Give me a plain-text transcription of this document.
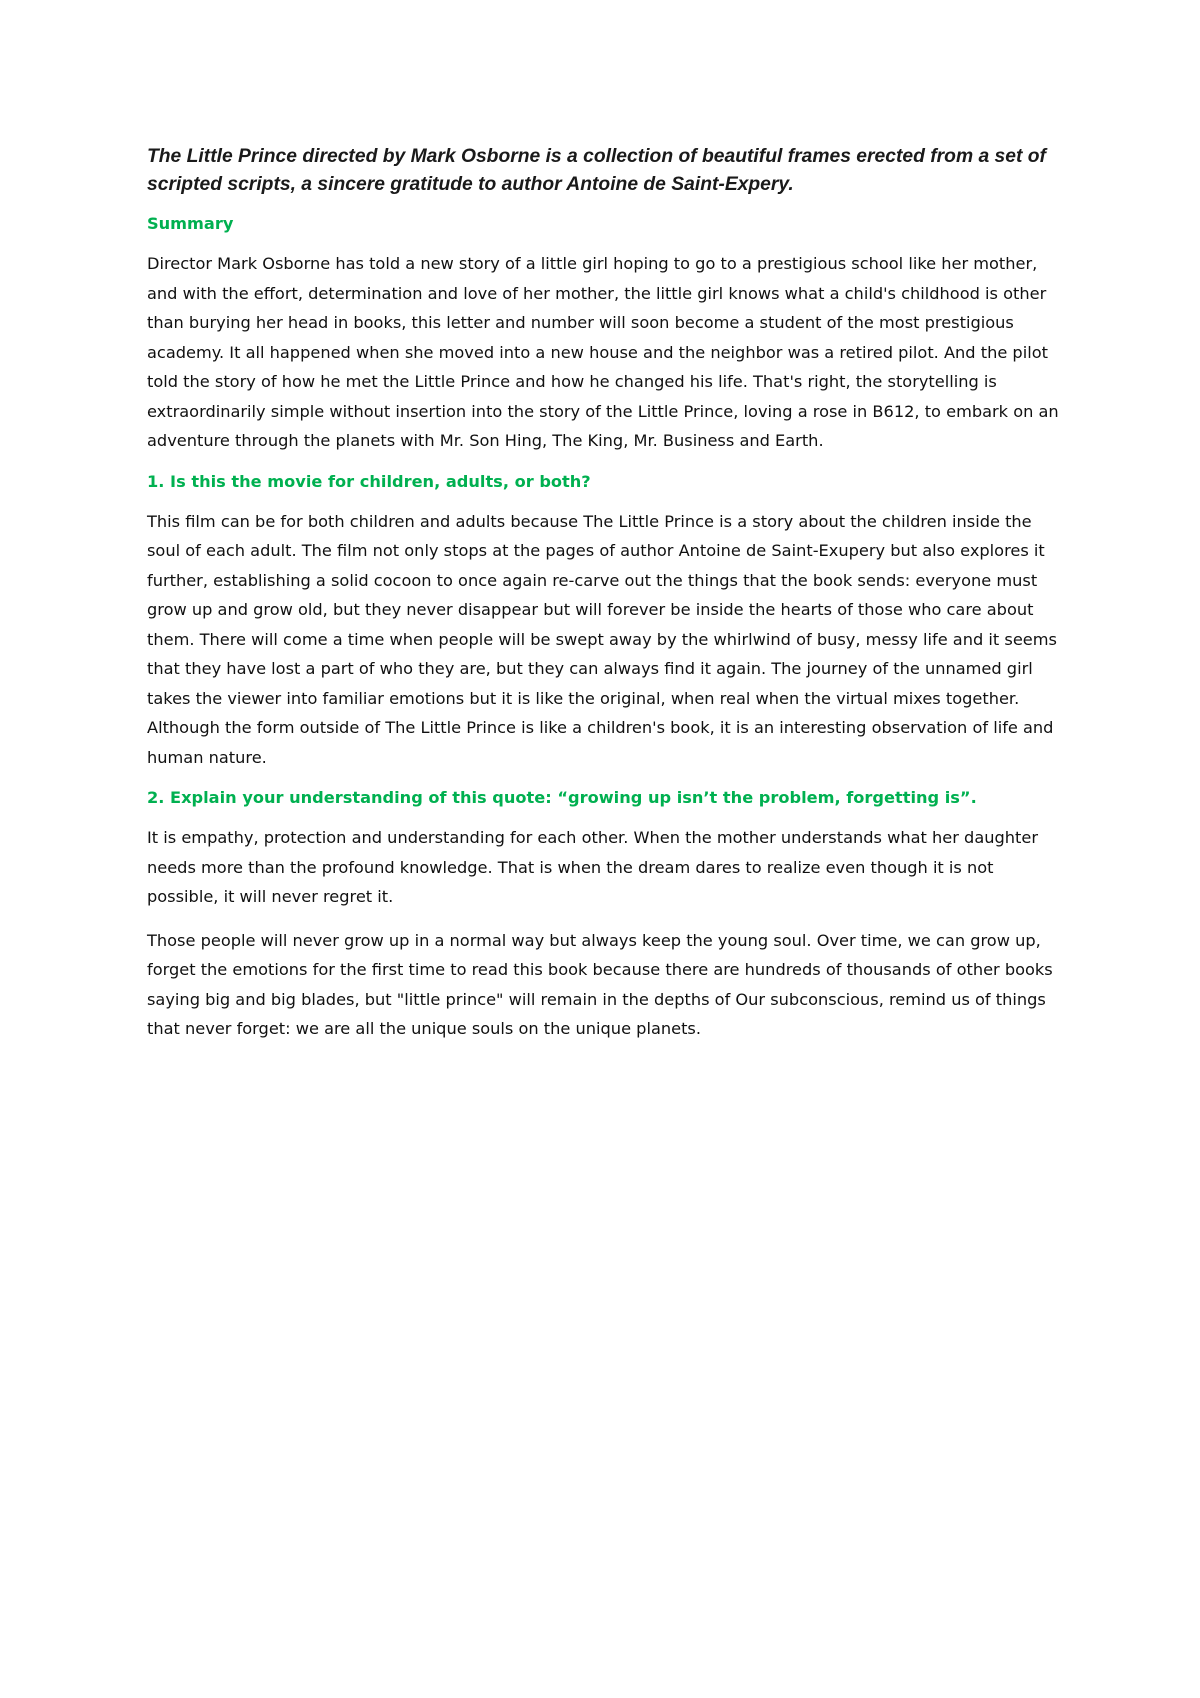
The Little Prince directed by Mark Osborne is a collection of beautiful frames erected from a set of scripted scripts, a sincere gratitude to author Antoine de Saint-Expery.

Summary

Director Mark Osborne has told a new story of a little girl hoping to go to a prestigious school like her mother, and with the effort, determination and love of her mother, the little girl knows what a child's childhood is other than burying her head in books, this letter and number will soon become a student of the most prestigious academy. It all happened when she moved into a new house and the neighbor was a retired pilot. And the pilot told the story of how he met the Little Prince and how he changed his life. That's right, the storytelling is extraordinarily simple without insertion into the story of the Little Prince, loving a rose in B612, to embark on an adventure through the planets with Mr. Son Hing, The King, Mr. Business and Earth.

1. Is this the movie for children, adults, or both?

This film can be for both children and adults because The Little Prince is a story about the children inside the soul of each adult. The film not only stops at the pages of author Antoine de Saint-Exupery but also explores it further, establishing a solid cocoon to once again re-carve out the things that the book sends: everyone must grow up and grow old, but they never disappear but will forever be inside the hearts of those who care about them. There will come a time when people will be swept away by the whirlwind of busy, messy life and it seems that they have lost a part of who they are, but they can always find it again. The journey of the unnamed girl takes the viewer into familiar emotions but it is like the original, when real when the virtual mixes together. Although the form outside of The Little Prince is like a children's book, it is an interesting observation of life and human nature.

2. Explain your understanding of this quote: “growing up isn’t the problem, forgetting is”.

It is empathy, protection and understanding for each other. When the mother understands what her daughter needs more than the profound knowledge. That is when the dream dares to realize even though it is not possible, it will never regret it.

Those people will never grow up in a normal way but always keep the young soul. Over time, we can grow up, forget the emotions for the first time to read this book because there are hundreds of thousands of other books saying big and big blades, but "little prince" will remain in the depths of Our subconscious, remind us of things that never forget: we are all the unique souls on the unique planets.
